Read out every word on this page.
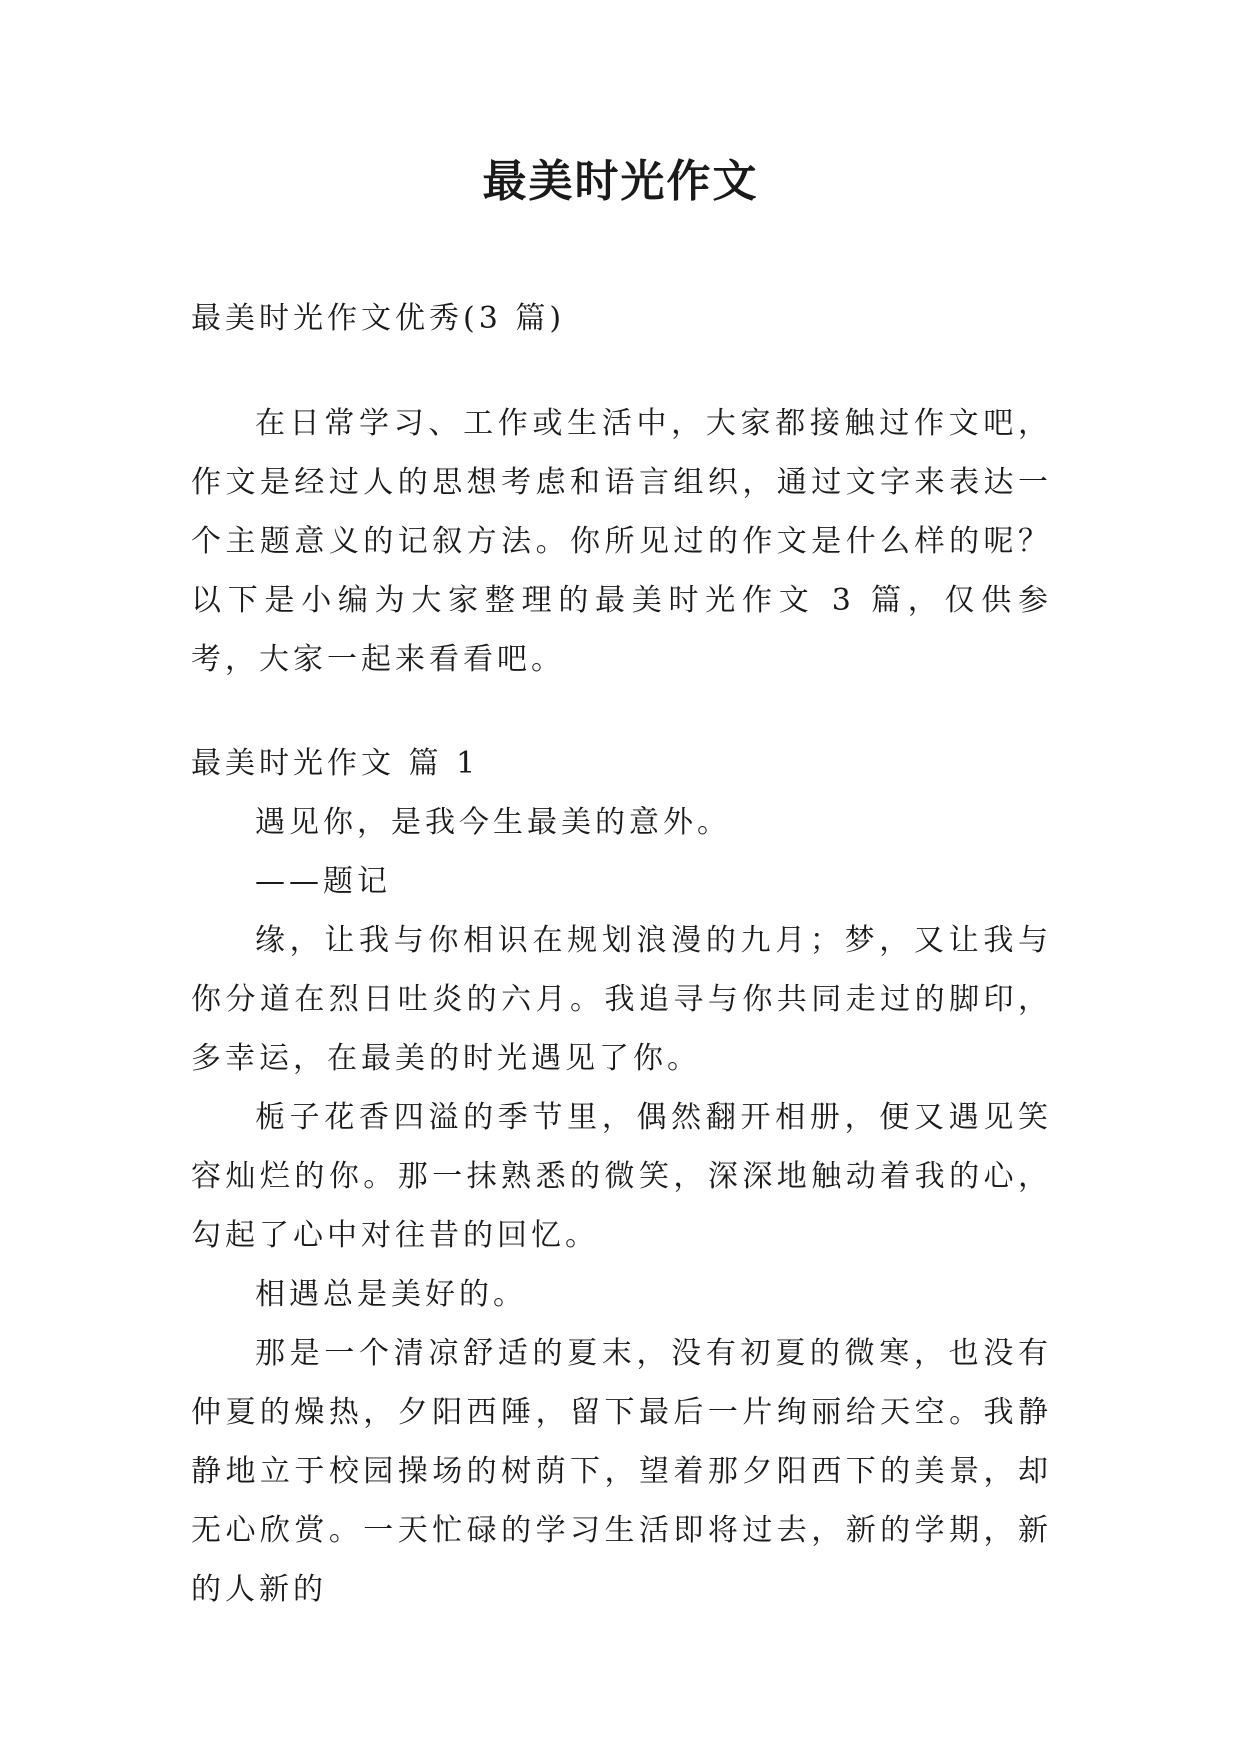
最美时光作文

最美时光作文优秀(3 篇)

在日常学习、工作或生活中，大家都接触过作文吧，作文是经过人的思想考虑和语言组织，通过文字来表达一个主题意义的记叙方法。你所见过的作文是什么样的呢？以下是小编为大家整理的最美时光作文 3 篇，仅供参考，大家一起来看看吧。

最美时光作文 篇 1

遇见你，是我今生最美的意外。

——题记

缘，让我与你相识在规划浪漫的九月；梦，又让我与你分道在烈日吐炎的六月。我追寻与你共同走过的脚印，多幸运，在最美的时光遇见了你。

栀子花香四溢的季节里，偶然翻开相册，便又遇见笑容灿烂的你。那一抹熟悉的微笑，深深地触动着我的心，勾起了心中对往昔的回忆。

相遇总是美好的。

那是一个清凉舒适的夏末，没有初夏的微寒，也没有仲夏的燥热，夕阳西陲，留下最后一片绚丽给天空。我静静地立于校园操场的树荫下，望着那夕阳西下的美景，却无心欣赏。一天忙碌的学习生活即将过去，新的学期，新的人新的
